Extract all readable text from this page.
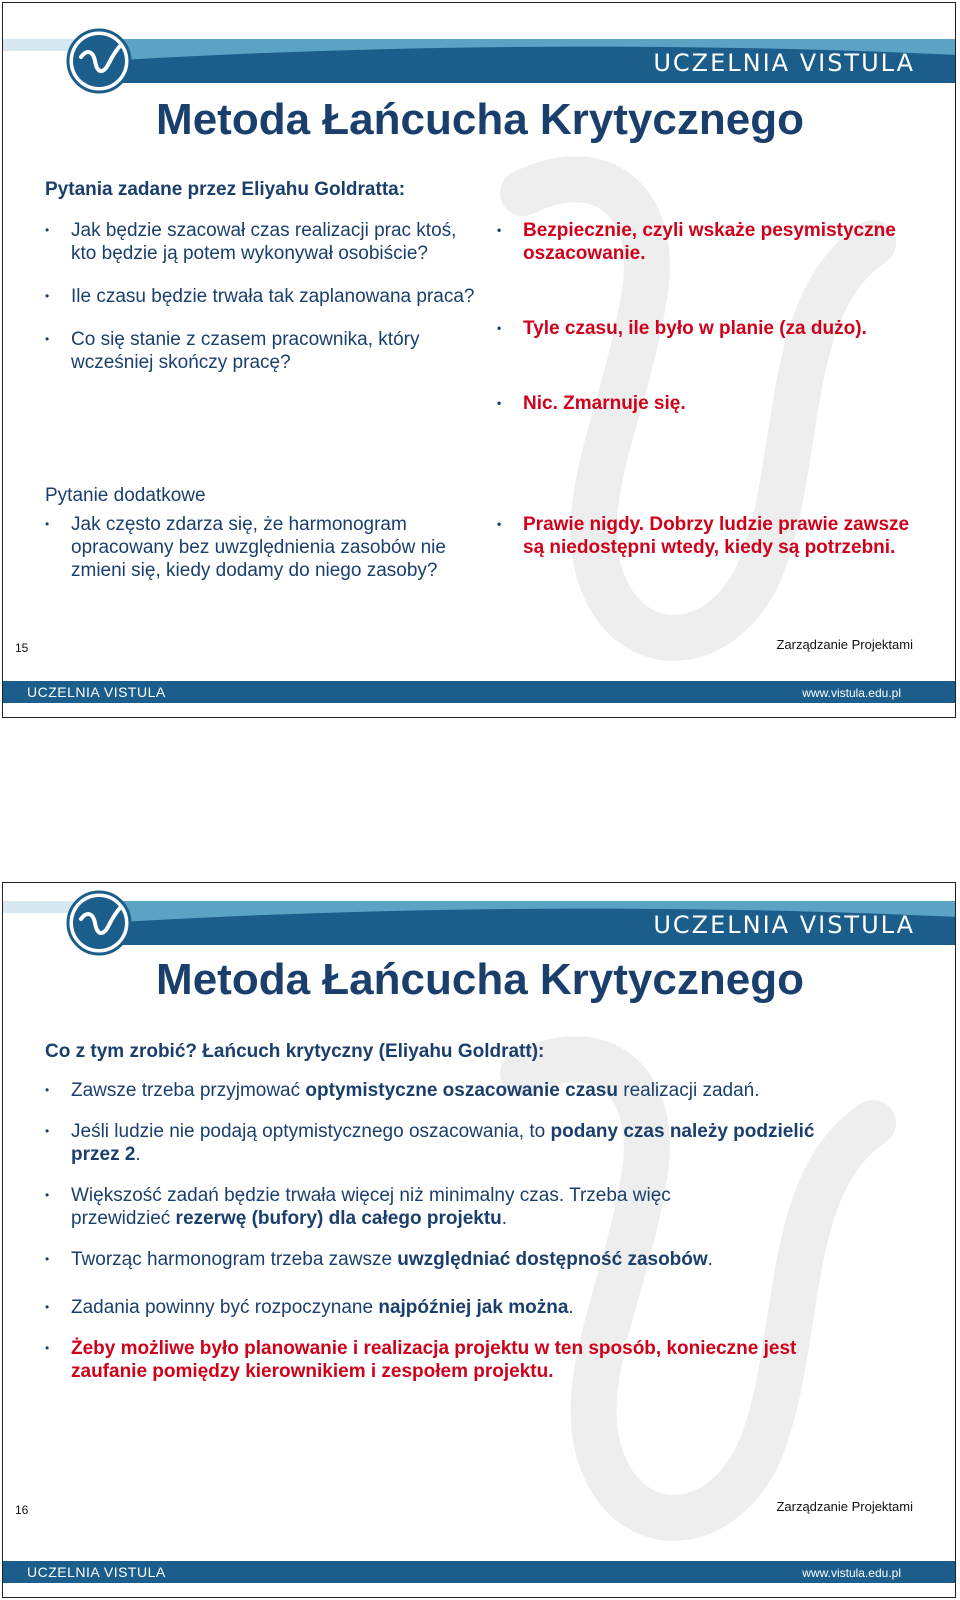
UCZELNIA VISTULA
Metoda Łańcucha Krytycznego
Pytania zadane przez Eliyahu Goldratta:
• Jak będzie szacował czas realizacji prac ktoś, kto będzie ją potem wykonywał osobiście?
• Ile czasu będzie trwała tak zaplanowana praca?
• Co się stanie z czasem pracownika, który wcześniej skończy pracę?
• Bezpiecznie, czyli wskaże pesymistyczne oszacowanie.
• Tyle czasu, ile było w planie (za dużo).
• Nic. Zmarnuje się.
Pytanie dodatkowe
• Jak często zdarza się, że harmonogram opracowany bez uwzględnienia zasobów nie zmieni się, kiedy dodamy do niego zasoby?
• Prawie nigdy. Dobrzy ludzie prawie zawsze są niedostępni wtedy, kiedy są potrzebni.
15	Zarządzanie Projektami
UCZELNIA VISTULA	www.vistula.edu.pl
UCZELNIA VISTULA
Metoda Łańcucha Krytycznego
Co z tym zrobić? Łańcuch krytyczny (Eliyahu Goldratt):
• Zawsze trzeba przyjmować optymistyczne oszacowanie czasu realizacji zadań.
• Jeśli ludzie nie podają optymistycznego oszacowania, to podany czas należy podzielić przez 2.
• Większość zadań będzie trwała więcej niż minimalny czas. Trzeba więc przewidzieć rezerwę (bufory) dla całego projektu.
• Tworząc harmonogram trzeba zawsze uwzględniać dostępność zasobów.
• Zadania powinny być rozpoczynane najpóźniej jak można.
• Żeby możliwe było planowanie i realizacja projektu w ten sposób, konieczne jest zaufanie pomiędzy kierownikiem i zespołem projektu.
16	Zarządzanie Projektami
UCZELNIA VISTULA	www.vistula.edu.pl
